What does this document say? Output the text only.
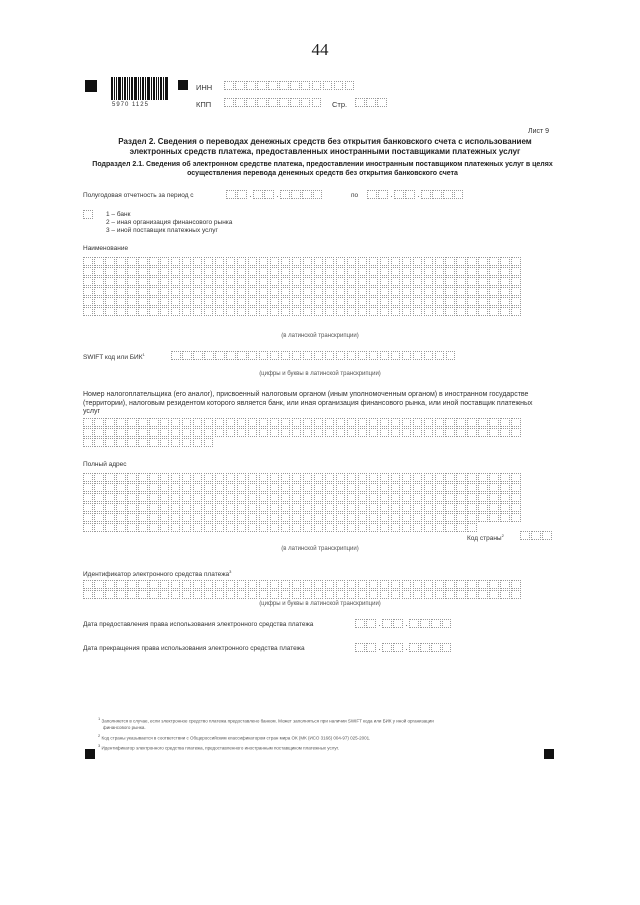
44
5970 1125
ИНН
КПП	Стр.
Лист 9
Раздел 2. Сведения о переводах денежных средств без открытия банковского счета с использованием электронных средств платежа, предоставленных иностранными поставщиками платежных услуг
Подраздел 2.1. Сведения об электронном средстве платежа, предоставлении иностранным поставщиком платежных услуг в целях осуществления перевода денежных средств без открытия банковского счета
Полугодовая отчетность за период с	.	.	по	.	.
1 – банк
2 – иная организация финансового рынка
3 – иной поставщик платежных услуг
Наименование
(в латинской транскрипции)
SWIFT код или БИК$^1$
(цифры и буквы в латинской транскрипции)
Номер налогоплательщика (его аналог), присвоенный налоговым органом (иным уполномоченным органом) в иностранном государстве (территории), налоговым резидентом которого является банк, или иная организация финансового рынка, или иной поставщик платежных услуг
Полный адрес
Код страны$^2$
(в латинской транскрипции)
Идентификатор электронного средства платежа$^3$
(цифры и буквы в латинской транскрипции)
Дата предоставления права использования электронного средства платежа	.	.
Дата прекращения права использования электронного средства платежа	.	.
1 Заполняется в случае, если электронное средство платежа предоставлено банком. Может заполняться при наличии SWIFT кода или БИК у иной организации
финансового рынка.
2 Код страны указывается в соответствии с Общероссийским классификатором стран мира ОК (МК (ИСО 3166) 004-97) 025-2001.
3 Идентификатор электронного средства платежа, предоставленного иностранным поставщиком платежных услуг.
